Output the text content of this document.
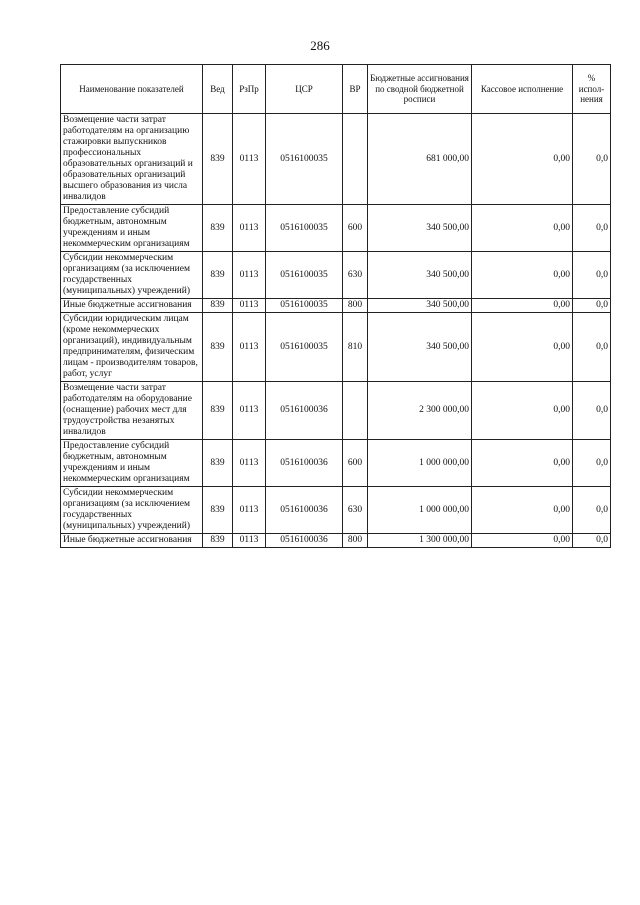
286
Наименование показателей	Вед	РзПр	ЦСР	ВР	Бюджетные ассигнования по сводной бюджетной росписи	Кассовое исполнение	% испол-нения
Возмещение части затрат работодателям на организацию стажировки выпускников профессиональных образовательных организаций и образовательных организаций высшего образования из числа инвалидов	839	0113	0516100035		681 000,00	0,00	0,0
Предоставление субсидий бюджетным, автономным учреждениям и иным некоммерческим организациям	839	0113	0516100035	600	340 500,00	0,00	0,0
Субсидии некоммерческим организациям (за исключением государственных (муниципальных) учреждений)	839	0113	0516100035	630	340 500,00	0,00	0,0
Иные бюджетные ассигнования	839	0113	0516100035	800	340 500,00	0,00	0,0
Субсидии юридическим лицам (кроме некоммерческих организаций), индивидуальным предпринимателям, физическим лицам - производителям товаров, работ, услуг	839	0113	0516100035	810	340 500,00	0,00	0,0
Возмещение части затрат работодателям на оборудование (оснащение) рабочих мест для трудоустройства незанятых инвалидов	839	0113	0516100036		2 300 000,00	0,00	0,0
Предоставление субсидий бюджетным, автономным учреждениям и иным некоммерческим организациям	839	0113	0516100036	600	1 000 000,00	0,00	0,0
Субсидии некоммерческим организациям (за исключением государственных (муниципальных) учреждений)	839	0113	0516100036	630	1 000 000,00	0,00	0,0
Иные бюджетные ассигнования	839	0113	0516100036	800	1 300 000,00	0,00	0,0
